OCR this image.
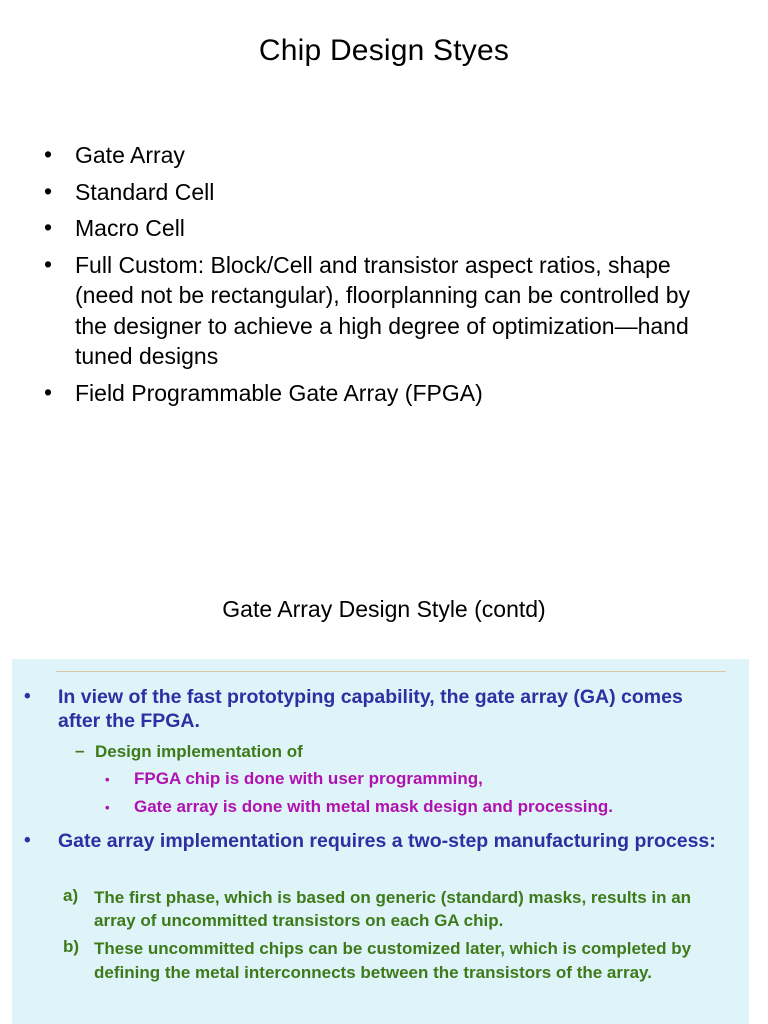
Chip Design Styes
• Gate Array
• Standard Cell
• Macro Cell
• Full Custom: Block/Cell and transistor aspect ratios, shape (need not be rectangular), floorplanning can be controlled by the designer to achieve a high degree of optimization—hand tuned designs
• Field Programmable Gate Array (FPGA)
Gate Array Design Style (contd)
• In view of the fast prototyping capability, the gate array (GA) comes after the FPGA.
– Design implementation of
• FPGA chip is done with user programming,
• Gate array is done with metal mask design and processing.
• Gate array implementation requires a two-step manufacturing process:
a) The first phase, which is based on generic (standard) masks, results in an array of uncommitted transistors on each GA chip.
b) These uncommitted chips can be customized later, which is completed by defining the metal interconnects between the transistors of the array.
